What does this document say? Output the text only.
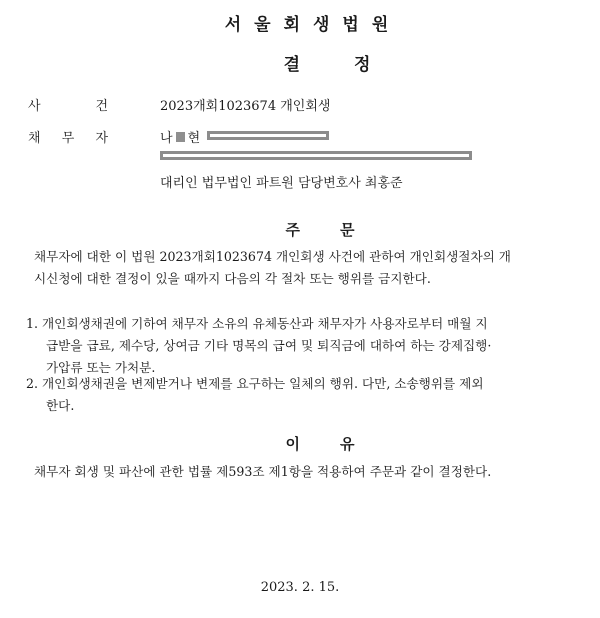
서울회생법원
결정
사	건	2023개회1023674 개인회생
채 무 자	나 현
대리인 법무법인 파트원 담당변호사 최홍준
주문
채무자에 대한 이 법원 2023개회1023674 개인회생 사건에 관하여 개인회생절차의 개
시신청에 대한 결정이 있을 때까지 다음의 각 절차 또는 행위를 금지한다.
1. 개인회생채권에 기하여 채무자 소유의 유체동산과 채무자가 사용자로부터 매월 지
급받을 급료, 제수당, 상여금 기타 명목의 급여 및 퇴직금에 대하여 하는 강제집행·
가압류 또는 가처분.
2. 개인회생채권을 변제받거나 변제를 요구하는 일체의 행위. 다만, 소송행위를 제외
한다.
이유
채무자 회생 및 파산에 관한 법률 제593조 제1항을 적용하여 주문과 같이 결정한다.
2023. 2. 15.
